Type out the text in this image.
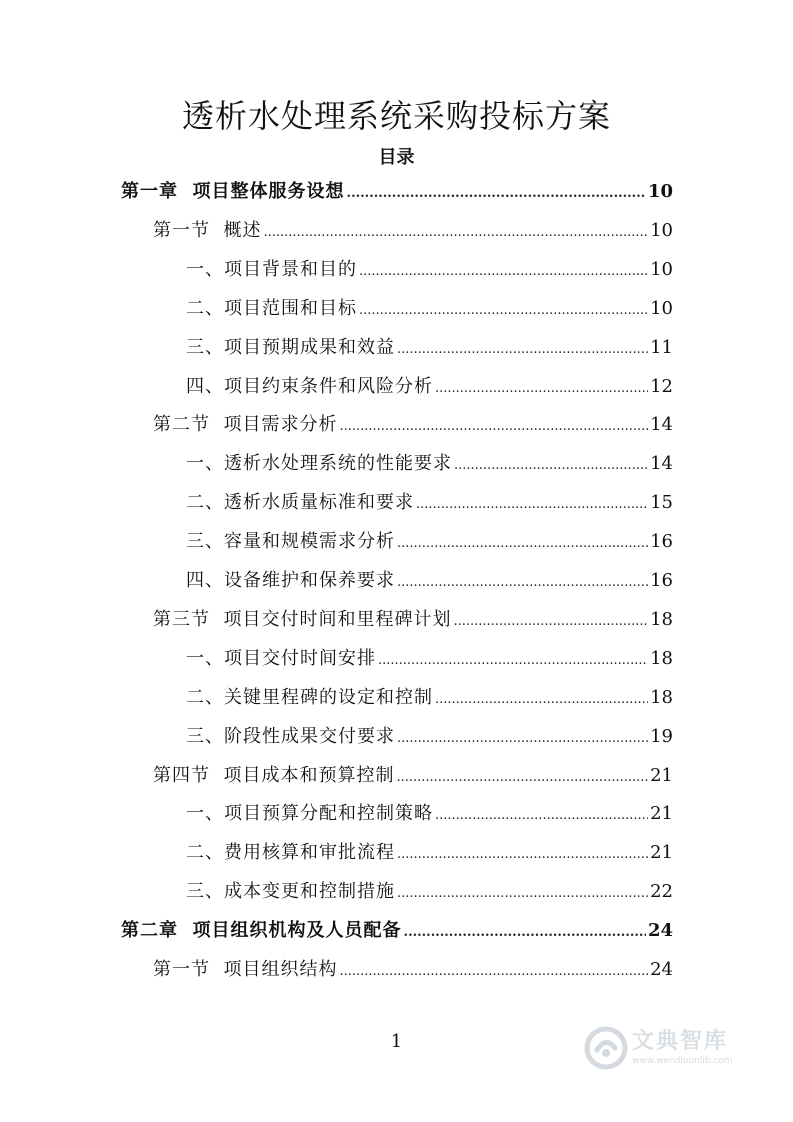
透析水处理系统采购投标方案
目录
第一章  项目整体服务设想 .....	10
第一节  概述 .....	10
一、项目背景和目的 .....	10
二、项目范围和目标 .....	10
三、项目预期成果和效益 .....	11
四、项目约束条件和风险分析 .....	12
第二节  项目需求分析 .....	14
一、透析水处理系统的性能要求 .....	14
二、透析水质量标准和要求 .....	15
三、容量和规模需求分析 .....	16
四、设备维护和保养要求 .....	16
第三节  项目交付时间和里程碑计划 .....	18
一、项目交付时间安排 .....	18
二、关键里程碑的设定和控制 .....	18
三、阶段性成果交付要求 .....	19
第四节  项目成本和预算控制 .....	21
一、项目预算分配和控制策略 .....	21
二、费用核算和审批流程 .....	21
三、成本变更和控制措施 .....	22
第二章  项目组织机构及人员配备 .....	24
第一节  项目组织结构 .....	24
1	文典智库
www.wendiounlib.com
